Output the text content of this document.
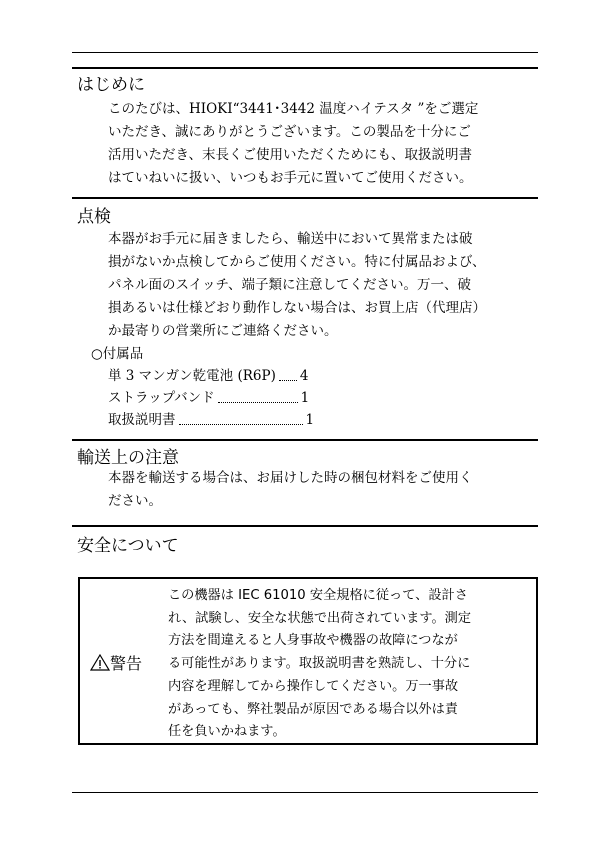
はじめに
このたびは、HIOKI“3441･3442 温度ハイテスタ ”をご選定
いただき、誠にありがとうございます。この製品を十分にご
活用いただき、末長くご使用いただくためにも、取扱説明書
はていねいに扱い、いつもお手元に置いてご使用ください。
点検
本器がお手元に届きましたら、輸送中において異常または破
損がないか点検してからご使用ください。特に付属品および、
パネル面のスイッチ、端子類に注意してください。万一、破
損あるいは仕様どおり動作しない場合は、お買上店（代理店）
か最寄りの営業所にご連絡ください。
○付属品
単 3 マンガン乾電池 (R6P) 4
ストラップバンド	1
取扱説明書	1
輸送上の注意
本器を輸送する場合は、お届けした時の梱包材料をご使用く
ださい。
安全について
警告
この機器は IEC 61010 安全規格に従って、設計さ
れ、試験し、安全な状態で出荷されています。測定
方法を間違えると人身事故や機器の故障につなが
る可能性があります。取扱説明書を熟読し、十分に
内容を理解してから操作してください。万一事故
があっても、弊社製品が原因である場合以外は責
任を負いかねます。
